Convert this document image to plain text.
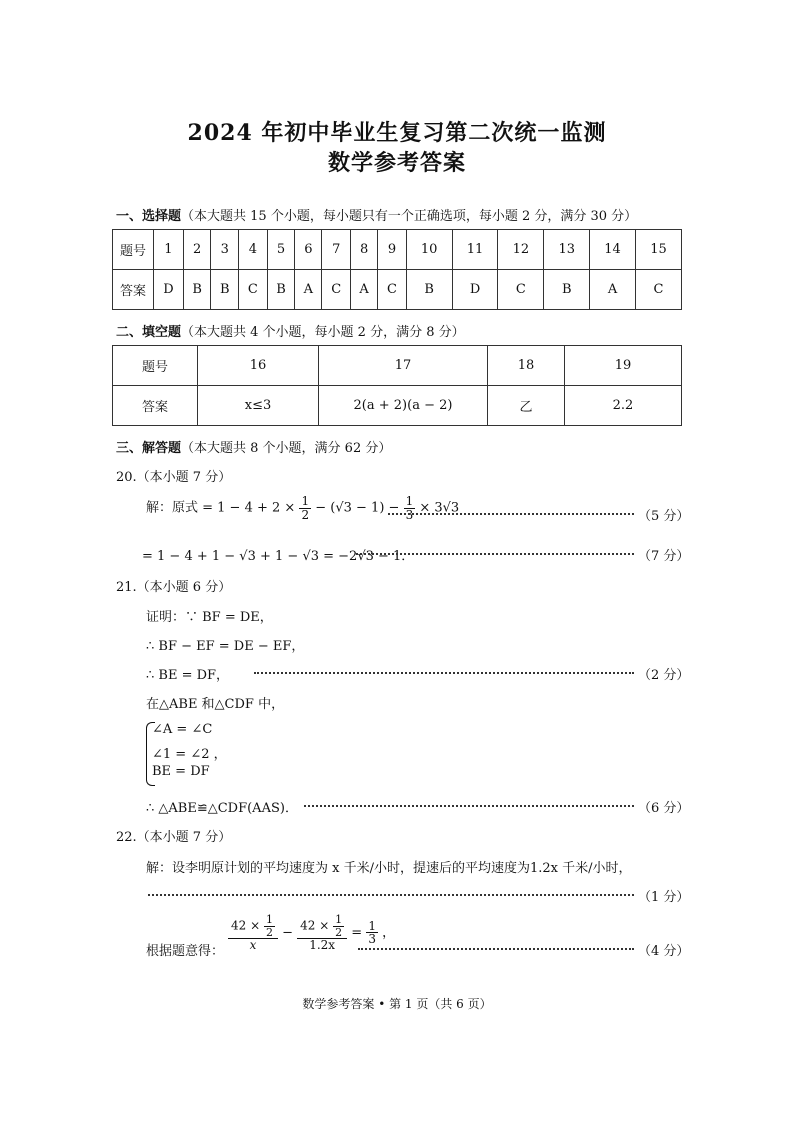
2024 年初中毕业生复习第二次统一监测
数学参考答案
一、选择题（本大题共 15 个小题，每小题只有一个正确选项，每小题 2 分，满分 30 分）
题号	1	2	3	4	5	6	7	8	9	10	11	12	13	14	15
答案	D	B	B	C	B	A	C	A	C	B	D	C	B	A	C
二、填空题（本大题共 4 个小题，每小题 2 分，满分 8 分）
题号	16	17	18	19
答案	x≤3	2(a + 2)(a − 2)	乙	2.2
三、解答题（本大题共 8 个小题，满分 62 分）
20.（本小题 7 分）
解：原式 = $1 - 4 + 2 \times \frac{1}{2} - (√3 - 1) - \frac{1}{3} \times 3√3$
（5 分）
= 1 − 4 + 1 − √3 + 1 − √3 = −2√3 − 1．	（7 分）
21.（本小题 6 分）
证明：∵ BF = DE，
∴ BF − EF = DE − EF，
∴ BE = DF，	（2 分）
在△ABE 和△CDF 中，
∠A = ∠C
∠1 = ∠2 ，
BE = DF
∴ △ABE≌△CDF(AAS)．	（6 分）
22.（本小题 7 分）
解：设李明原计划的平均速度为 x 千米/小时，提速后的平均速度为1.2x 千米/小时，
（1 分）
根据题意得： $\frac{42 \times \frac{1}{2}}{x} - \frac{42 \times \frac{1}{2}}{1.2x} = \frac{1}{3}$ ，
（4 分）
数学参考答案 • 第 1 页（共 6 页）
